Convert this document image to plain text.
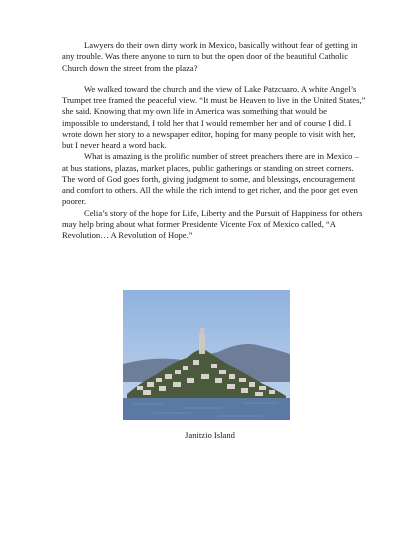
Lawyers do their own dirty work in Mexico, basically without fear of getting in any trouble. Was there anyone to turn to but the open door of the beautiful Catholic Church down the street from the plaza?

We walked toward the church and the view of Lake Patzcuaro. A white Angel’s Trumpet tree framed the peaceful view. “It must be Heaven to live in the United States,” she said. Knowing that my own life in America was something that would be impossible to understand, I told her that I would remember her and of course I did. I wrote down her story to a newspaper editor, hoping for many people to visit with her, but I never heard a word back.

What is amazing is the prolific number of street preachers there are in Mexico – at bus stations, plazas, market places, public gatherings or standing on street corners. The word of God goes forth, giving judgment to some, and blessings, encouragement and comfort to others. All the while the rich intend to get richer, and the poor get even poorer.

Celia’s story of the hope for Life, Liberty and the Pursuit of Happiness for others may help bring about what former Presidente Vicente Fox of Mexico called, “A Revolution… A Revolution of Hope.”

Janitzio Island
